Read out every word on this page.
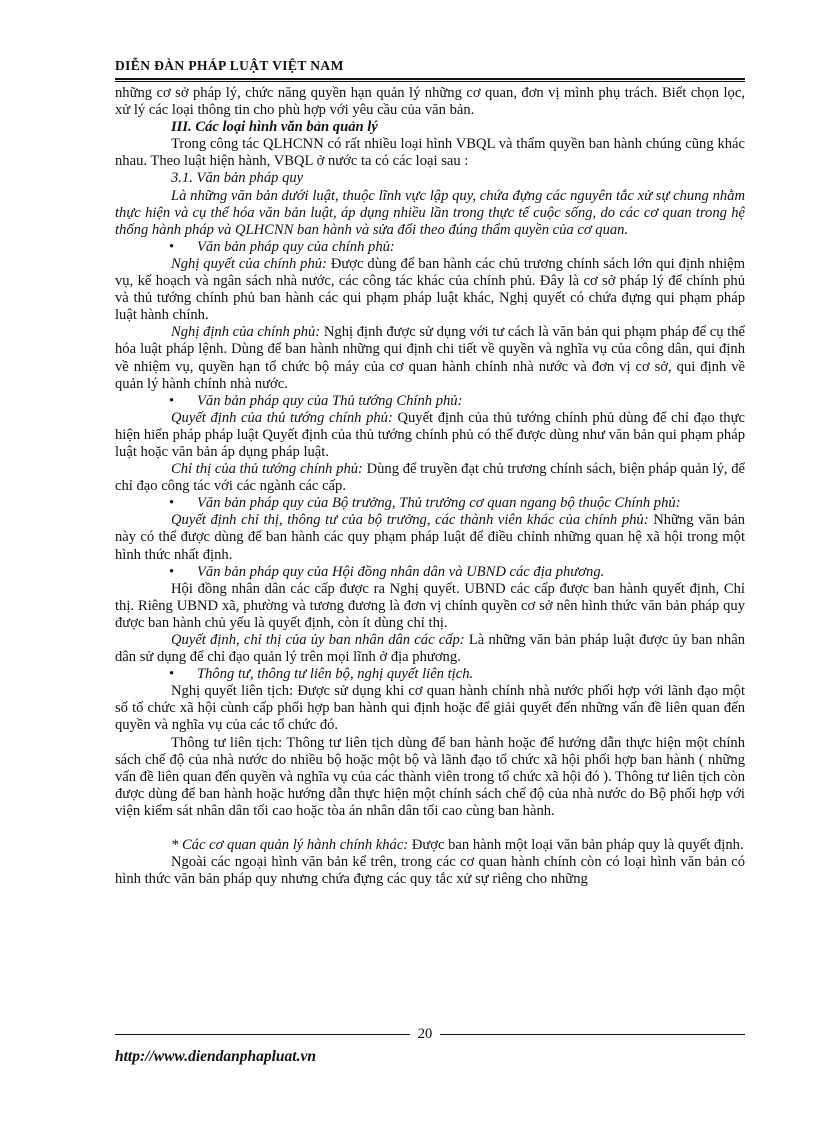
DIỄN ĐÀN PHÁP LUẬT VIỆT NAM

những cơ sở pháp lý, chức năng quyền hạn quản lý những cơ quan, đơn vị mình phụ trách. Biết chọn lọc, xử lý các loại thông tin cho phù hợp với yêu cầu của văn bản.

III. Các loại hình văn bản quản lý

Trong công tác QLHCNN có rất nhiều loại hình VBQL và thẩm quyền ban hành chúng cũng khác nhau. Theo luật hiện hành, VBQL ở nước ta có các loại sau :

3.1. Văn bản pháp quy

Là những văn bản dưới luật, thuộc lĩnh vực lập quy, chứa đựng các nguyên tắc xử sự chung nhằm thực hiện và cụ thể hóa văn bản luật, áp dụng nhiều lần trong thực tế cuộc sống, do các cơ quan trong hệ thống hành pháp và QLHCNN ban hành và sửa đổi theo đúng thẩm quyền của cơ quan.

• Văn bản pháp quy của chính phủ:

Nghị quyết của chính phủ: Được dùng để ban hành các chủ trương chính sách lớn qui định nhiệm vụ, kế hoạch và ngân sách nhà nước, các công tác khác của chính phủ. Đây là cơ sở pháp lý để chính phủ và thủ tướng chính phủ ban hành các qui phạm pháp luật khác, Nghị quyết có chứa đựng qui phạm pháp luật hành chính.

Nghị định của chính phủ: Nghị định được sử dụng với tư cách là văn bản qui phạm pháp để cụ thể hóa luật pháp lệnh. Dùng để ban hành những qui định chi tiết về quyền và nghĩa vụ của công dân, qui định về nhiệm vụ, quyền hạn tổ chức bộ máy của cơ quan hành chính nhà nước và đơn vị cơ sở, qui định về quản lý hành chính nhà nước.

• Văn bản pháp quy của Thủ tướng Chính phủ:

Quyết định của thủ tướng chính phủ: Quyết định của thủ tướng chính phủ dùng để chỉ đạo thực hiện hiến pháp pháp luật Quyết định của thủ tướng chính phủ có thể được dùng như văn bản qui phạm pháp luật hoặc văn bản áp dụng pháp luật.

Chỉ thị của thủ tướng chính phủ: Dùng để truyền đạt chủ trương chính sách, biện pháp quản lý, để chỉ đạo công tác với các ngành các cấp.

• Văn bản pháp quy của Bộ trưởng, Thủ trưởng cơ quan ngang bộ thuộc Chính phủ:

Quyết định chỉ thị, thông tư của bộ trưởng, các thành viên khác của chính phủ: Những văn bản này có thể được dùng để ban hành các quy phạm pháp luật để điều chỉnh những quan hệ xã hội trong một hình thức nhất định.

• Văn bản pháp quy của Hội đồng nhân dân và UBND các địa phương.

Hội đồng nhân dân các cấp được ra Nghị quyết. UBND các cấp được ban hành quyết định, Chỉ thị. Riêng UBND xã, phường và tương đương là đơn vị chính quyền cơ sở nên hình thức văn bản pháp quy được ban hành chủ yếu là quyết định, còn ít dùng chỉ thị.

Quyết định, chỉ thị của ủy ban nhân dân các cấp: Là những văn bản pháp luật được ủy ban nhân dân sử dụng để chỉ đạo quản lý trên mọi lĩnh ở địa phương.

• Thông tư, thông tư liên bộ, nghị quyết liên tịch.

Nghị quyết liên tịch: Được sử dụng khi cơ quan hành chính nhà nước phối hợp với lãnh đạo một số tổ chức xã hội cùnh cấp phối hợp ban hành qui định hoặc để giải quyết đến những vấn đề liên quan đến quyền và nghĩa vụ của các tổ chức đó.

Thông tư liên tịch: Thông tư liên tịch dùng để ban hành hoặc để hướng dẫn thực hiện một chính sách chế độ của nhà nước do nhiều bộ hoặc một bộ và lãnh đạo tổ chức xã hội phối hợp ban hành ( những vấn đề liên quan đến quyền và nghĩa vụ của các thành viên trong tổ chức xã hội đó ). Thông tư liên tịch còn được dùng để ban hành hoặc hướng dẫn thực hiện một chính sách chế độ của nhà nước do Bộ phối hợp với viện kiểm sát nhân dân tối cao hoặc tòa án nhân dân tối cao cùng ban hành.

* Các cơ quan quản lý hành chính khác: Được ban hành một loại văn bản pháp quy là quyết định.

Ngoài các ngoại hình văn bản kể trên, trong các cơ quan hành chính còn có loại hình văn bản có hình thức văn bản pháp quy nhưng chứa đựng các quy tắc xử sự riêng cho những

20
http://www.diendanphapluat.vn
